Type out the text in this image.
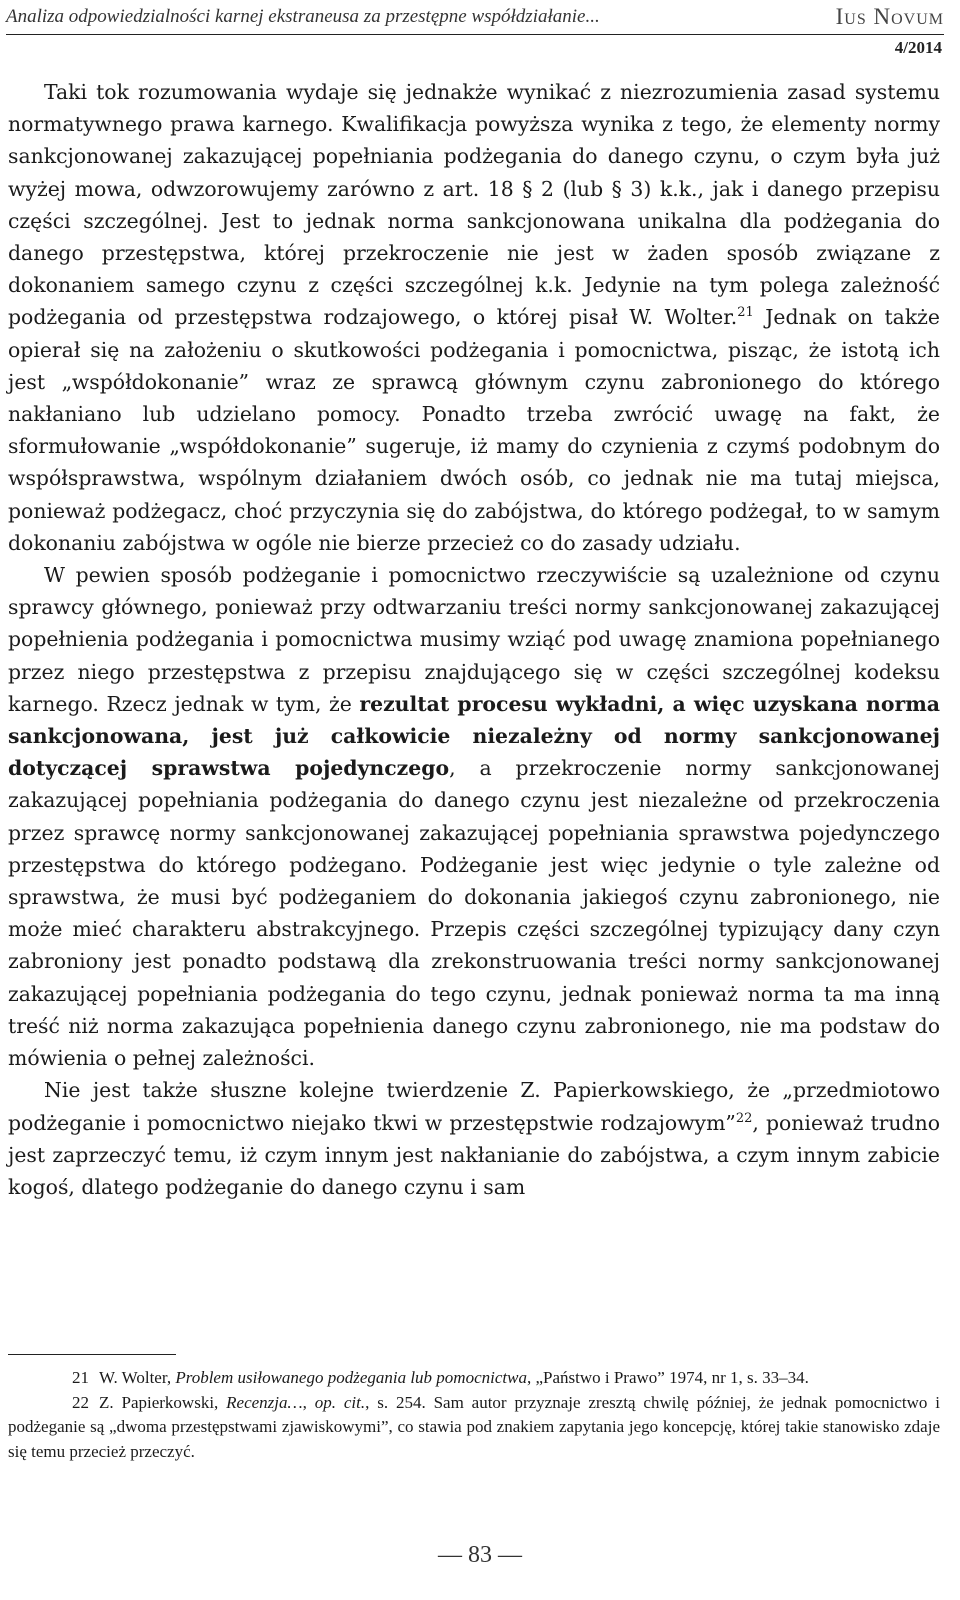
Analiza odpowiedzialności karnej ekstraneusa za przestępne współdziałanie...	Ius Novum
4/2014

Taki tok rozumowania wydaje się jednakże wynikać z niezrozumienia zasad systemu normatywnego prawa karnego. Kwalifikacja powyższa wynika z tego, że elementy normy sankcjonowanej zakazującej popełniania podżegania do danego czynu, o czym była już wyżej mowa, odwzorowujemy zarówno z art. 18 § 2 (lub § 3) k.k., jak i danego przepisu części szczególnej. Jest to jednak norma sankcjonowana unikalna dla podżegania do danego przestępstwa, której przekroczenie nie jest w żaden sposób związane z dokonaniem samego czynu z części szczególnej k.k. Jedynie na tym polega zależność podżegania od przestępstwa rodzajowego, o której pisał W. Wolter.$^{21}$ Jednak on także opierał się na założeniu o skutkowości podżegania i pomocnictwa, pisząc, że istotą ich jest „współdokonanie” wraz ze sprawcą głównym czynu zabronionego do którego nakłaniano lub udzielano pomocy. Ponadto trzeba zwrócić uwagę na fakt, że sformułowanie „współdokonanie” sugeruje, iż mamy do czynienia z czymś podobnym do współsprawstwa, wspólnym działaniem dwóch osób, co jednak nie ma tutaj miejsca, ponieważ podżegacz, choć przyczynia się do zabójstwa, do którego podżegał, to w samym dokonaniu zabójstwa w ogóle nie bierze przecież co do zasady udziału.

W pewien sposób podżeganie i pomocnictwo rzeczywiście są uzależnione od czynu sprawcy głównego, ponieważ przy odtwarzaniu treści normy sankcjonowanej zakazującej popełnienia podżegania i pomocnictwa musimy wziąć pod uwagę znamiona popełnianego przez niego przestępstwa z przepisu znajdującego się w części szczególnej kodeksu karnego. Rzecz jednak w tym, że rezultat procesu wykładni, a więc uzyskana norma sankcjonowana, jest już całkowicie niezależny od normy sankcjonowanej dotyczącej sprawstwa pojedynczego, a przekroczenie normy sankcjonowanej zakazującej popełniania podżegania do danego czynu jest niezależne od przekroczenia przez sprawcę normy sankcjonowanej zakazującej popełniania sprawstwa pojedynczego przestępstwa do którego podżegano. Podżeganie jest więc jedynie o tyle zależne od sprawstwa, że musi być podżeganiem do dokonania jakiegoś czynu zabronionego, nie może mieć charakteru abstrakcyjnego. Przepis części szczególnej typizujący dany czyn zabroniony jest ponadto podstawą dla zrekonstruowania treści normy sankcjonowanej zakazującej popełniania podżegania do tego czynu, jednak ponieważ norma ta ma inną treść niż norma zakazująca popełnienia danego czynu zabronionego, nie ma podstaw do mówienia o pełnej zależności.

Nie jest także słuszne kolejne twierdzenie Z. Papierkowskiego, że „przedmiotowo podżeganie i pomocnictwo niejako tkwi w przestępstwie rodzajowym”$^{22}$, ponieważ trudno jest zaprzeczyć temu, iż czym innym jest nakłanianie do zabójstwa, a czym innym zabicie kogoś, dlatego podżeganie do danego czynu i sam

21 W. Wolter, Problem usiłowanego podżegania lub pomocnictwa, „Państwo i Prawo” 1974, nr 1, s. 33–34.

22 Z. Papierkowski, Recenzja…, op. cit., s. 254. Sam autor przyznaje zresztą chwilę później, że jednak pomocnictwo i podżeganie są „dwoma przestępstwami zjawiskowymi”, co stawia pod znakiem zapytania jego koncepcję, której takie stanowisko zdaje się temu przecież przeczyć.

— 83 —
